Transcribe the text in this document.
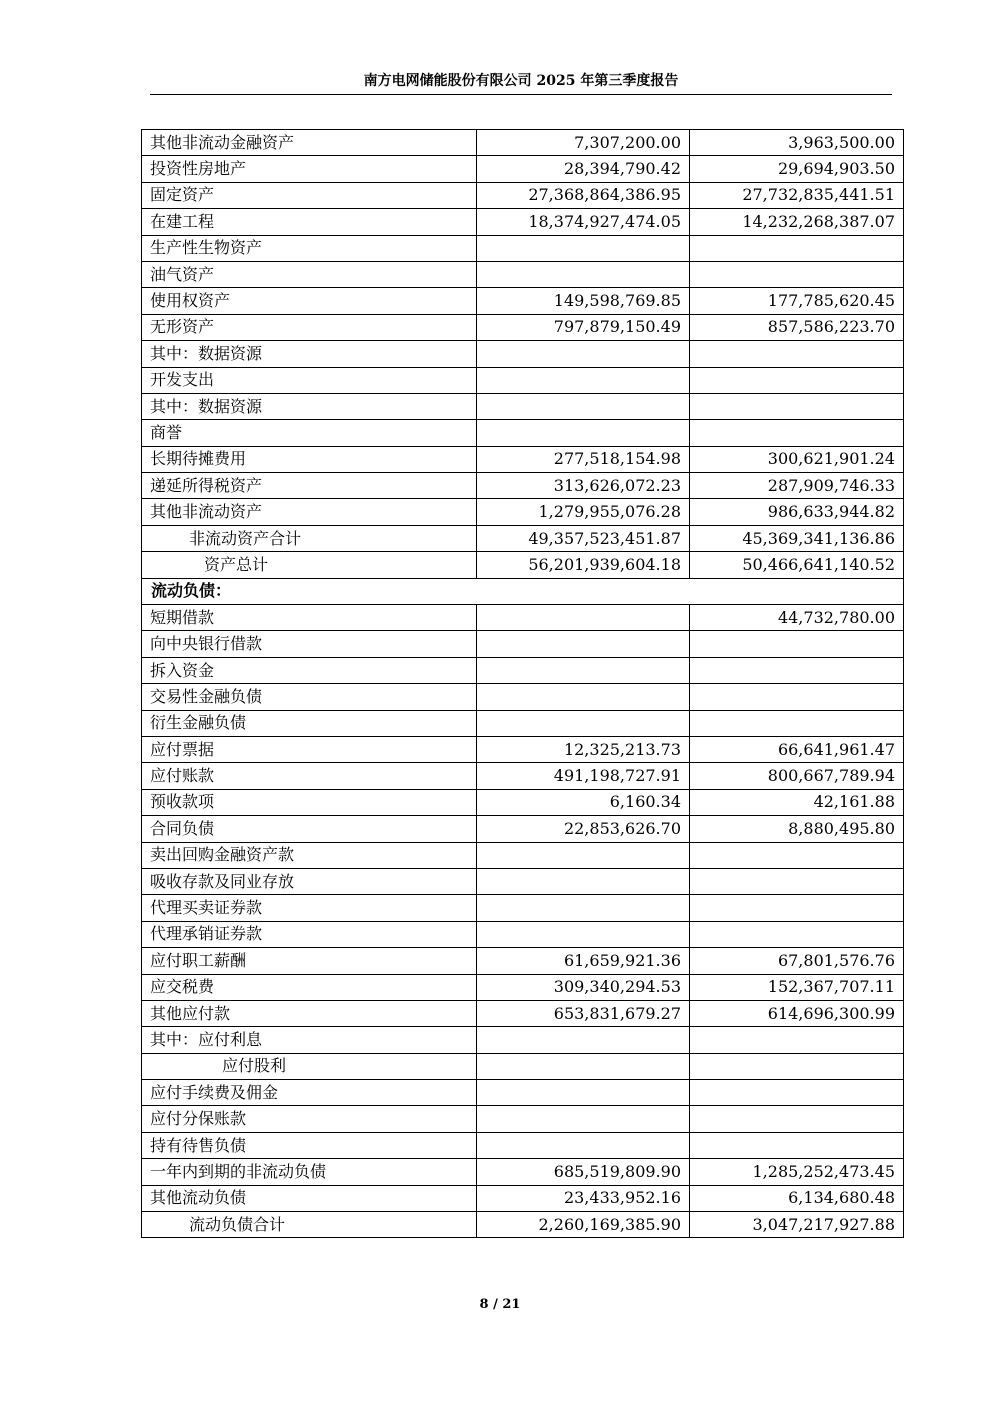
南方电网储能股份有限公司 2025 年第三季度报告
其他非流动金融资产	7,307,200.00	3,963,500.00
投资性房地产	28,394,790.42	29,694,903.50
固定资产	27,368,864,386.95	27,732,835,441.51
在建工程	18,374,927,474.05	14,232,268,387.07
生产性生物资产		
油气资产		
使用权资产	149,598,769.85	177,785,620.45
无形资产	797,879,150.49	857,586,223.70
其中：数据资源		
开发支出		
其中：数据资源		
商誉		
长期待摊费用	277,518,154.98	300,621,901.24
递延所得税资产	313,626,072.23	287,909,746.33
其他非流动资产	1,279,955,076.28	986,633,944.82
非流动资产合计	49,357,523,451.87	45,369,341,136.86
资产总计	56,201,939,604.18	50,466,641,140.52
流动负债：		
短期借款		44,732,780.00
向中央银行借款		
拆入资金		
交易性金融负债		
衍生金融负债		
应付票据	12,325,213.73	66,641,961.47
应付账款	491,198,727.91	800,667,789.94
预收款项	6,160.34	42,161.88
合同负债	22,853,626.70	8,880,495.80
卖出回购金融资产款		
吸收存款及同业存放		
代理买卖证券款		
代理承销证券款		
应付职工薪酬	61,659,921.36	67,801,576.76
应交税费	309,340,294.53	152,367,707.11
其他应付款	653,831,679.27	614,696,300.99
其中：应付利息		
应付股利		
应付手续费及佣金		
应付分保账款		
持有待售负债		
一年内到期的非流动负债	685,519,809.90	1,285,252,473.45
其他流动负债	23,433,952.16	6,134,680.48
流动负债合计	2,260,169,385.90	3,047,217,927.88
8 / 21
